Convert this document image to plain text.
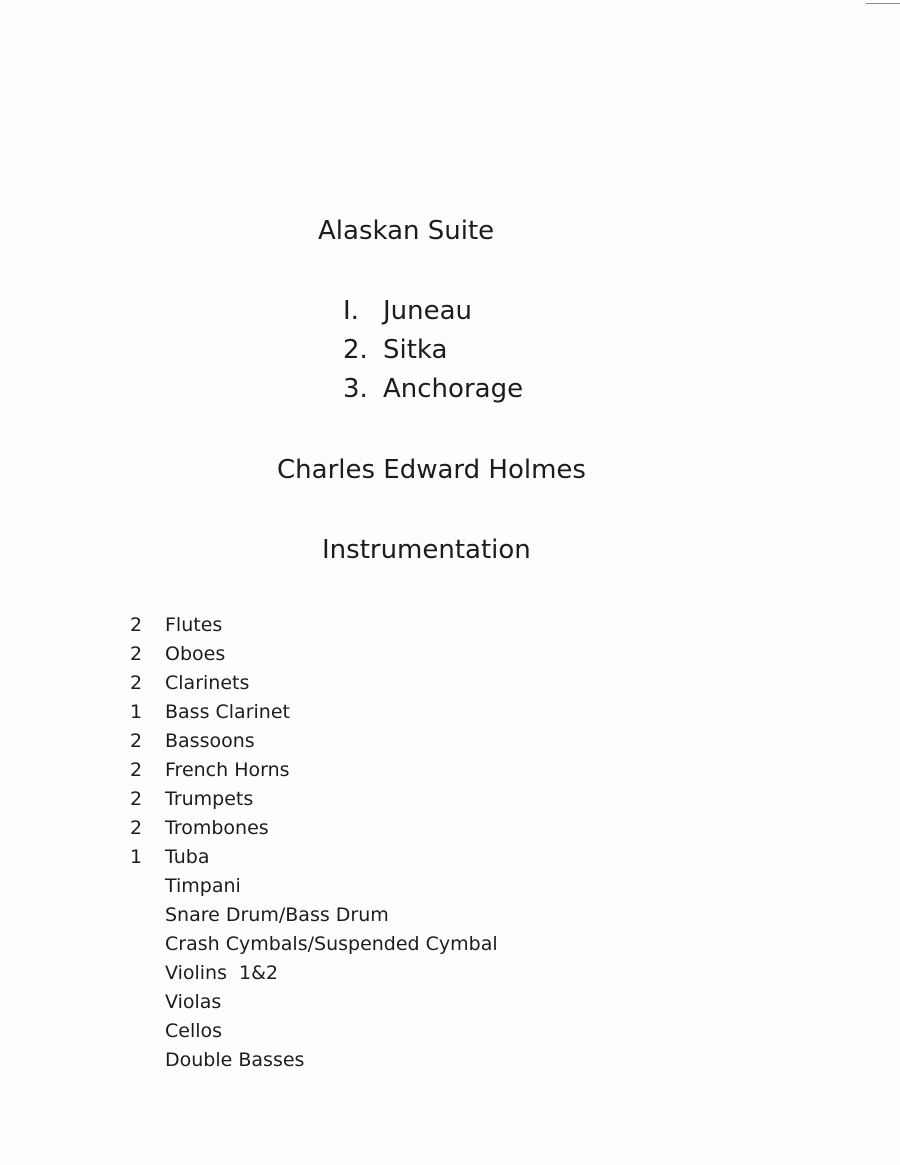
Alaskan Suite
I. Juneau
2. Sitka
3. Anchorage
Charles Edward Holmes
Instrumentation
2 Flutes
2 Oboes
2 Clarinets
1 Bass Clarinet
2 Bassoons
2 French Horns
2 Trumpets
2 Trombones
1 Tuba
Timpani
Snare Drum/Bass Drum
Crash Cymbals/Suspended Cymbal
Violins  1&2
Violas
Cellos
Double Basses
